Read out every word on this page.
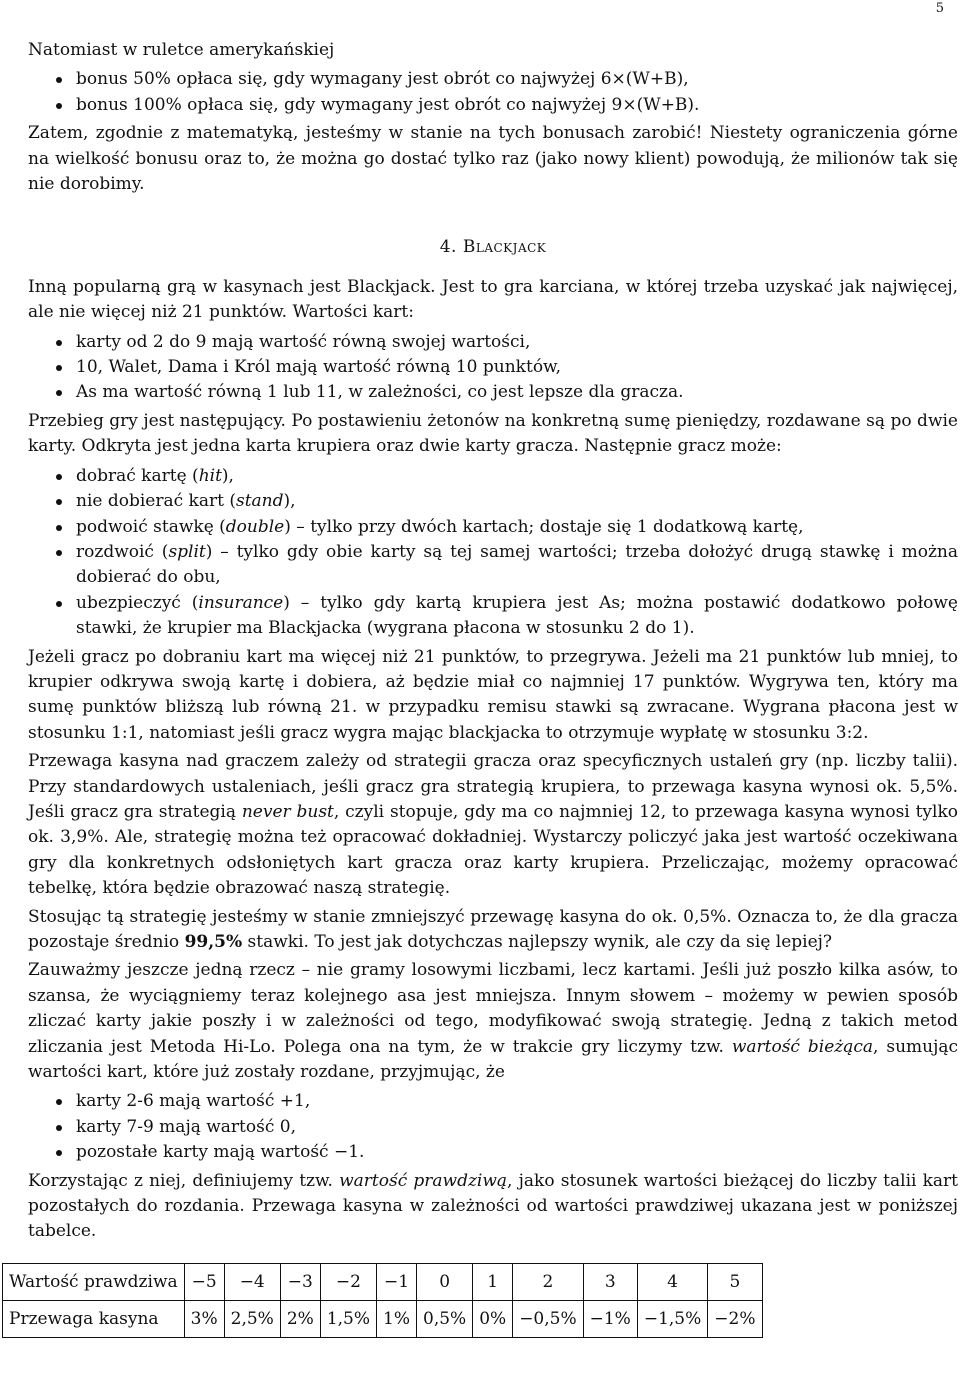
5

Natomiast w ruletce amerykańskiej

bonus 50% opłaca się, gdy wymagany jest obrót co najwyżej 6×(W+B),
bonus 100% opłaca się, gdy wymagany jest obrót co najwyżej 9×(W+B).

Zatem, zgodnie z matematyką, jesteśmy w stanie na tych bonusach zarobić! Niestety ograniczenia górne na wielkość bonusu oraz to, że można go dostać tylko raz (jako nowy klient) powodują, że milionów tak się nie dorobimy.

4. Blackjack

Inną popularną grą w kasynach jest Blackjack. Jest to gra karciana, w której trzeba uzyskać jak najwięcej, ale nie więcej niż 21 punktów. Wartości kart:

karty od 2 do 9 mają wartość równą swojej wartości,
10, Walet, Dama i Król mają wartość równą 10 punktów,
As ma wartość równą 1 lub 11, w zależności, co jest lepsze dla gracza.

Przebieg gry jest następujący. Po postawieniu żetonów na konkretną sumę pieniędzy, rozdawane są po dwie karty. Odkryta jest jedna karta krupiera oraz dwie karty gracza. Następnie gracz może:

dobrać kartę (hit),
nie dobierać kart (stand),
podwoić stawkę (double) – tylko przy dwóch kartach; dostaje się 1 dodatkową kartę,
rozdwoić (split) – tylko gdy obie karty są tej samej wartości; trzeba dołożyć drugą stawkę i można dobierać do obu,
ubezpieczyć (insurance) – tylko gdy kartą krupiera jest As; można postawić dodatkowo połowę stawki, że krupier ma Blackjacka (wygrana płacona w stosunku 2 do 1).

Jeżeli gracz po dobraniu kart ma więcej niż 21 punktów, to przegrywa. Jeżeli ma 21 punktów lub mniej, to krupier odkrywa swoją kartę i dobiera, aż będzie miał co najmniej 17 punktów. Wygrywa ten, który ma sumę punktów bliższą lub równą 21. w przypadku remisu stawki są zwracane. Wygrana płacona jest w stosunku 1:1, natomiast jeśli gracz wygra mając blackjacka to otrzymuje wypłatę w stosunku 3:2.

Przewaga kasyna nad graczem zależy od strategii gracza oraz specyficznych ustaleń gry (np. liczby talii). Przy standardowych ustaleniach, jeśli gracz gra strategią krupiera, to przewaga kasyna wynosi ok. 5,5%. Jeśli gracz gra strategią never bust, czyli stopuje, gdy ma co najmniej 12, to przewaga kasyna wynosi tylko ok. 3,9%. Ale, strategię można też opracować dokładniej. Wystarczy policzyć jaka jest wartość oczekiwana gry dla konkretnych odsłoniętych kart gracza oraz karty krupiera. Przeliczając, możemy opracować tebelkę, która będzie obrazować naszą strategię.

Stosując tą strategię jesteśmy w stanie zmniejszyć przewagę kasyna do ok. 0,5%. Oznacza to, że dla gracza pozostaje średnio 99,5% stawki. To jest jak dotychczas najlepszy wynik, ale czy da się lepiej?

Zauważmy jeszcze jedną rzecz – nie gramy losowymi liczbami, lecz kartami. Jeśli już poszło kilka asów, to szansa, że wyciągniemy teraz kolejnego asa jest mniejsza. Innym słowem – możemy w pewien sposób zliczać karty jakie poszły i w zależności od tego, modyfikować swoją strategię. Jedną z takich metod zliczania jest Metoda Hi-Lo. Polega ona na tym, że w trakcie gry liczymy tzw. wartość bieżąca, sumując wartości kart, które już zostały rozdane, przyjmując, że

karty 2-6 mają wartość +1,
karty 7-9 mają wartość 0,
pozostałe karty mają wartość −1.

Korzystając z niej, definiujemy tzw. wartość prawdziwą, jako stosunek wartości bieżącej do liczby talii kart pozostałych do rozdania. Przewaga kasyna w zależności od wartości prawdziwej ukazana jest w poniższej tabelce.

Wartość prawdziwa	−5	−4	−3	−2	−1	0	1	2	3	4	5
Przewaga kasyna	3%	2,5%	2%	1,5%	1%	0,5%	0%	−0,5%	−1%	−1,5%	−2%
